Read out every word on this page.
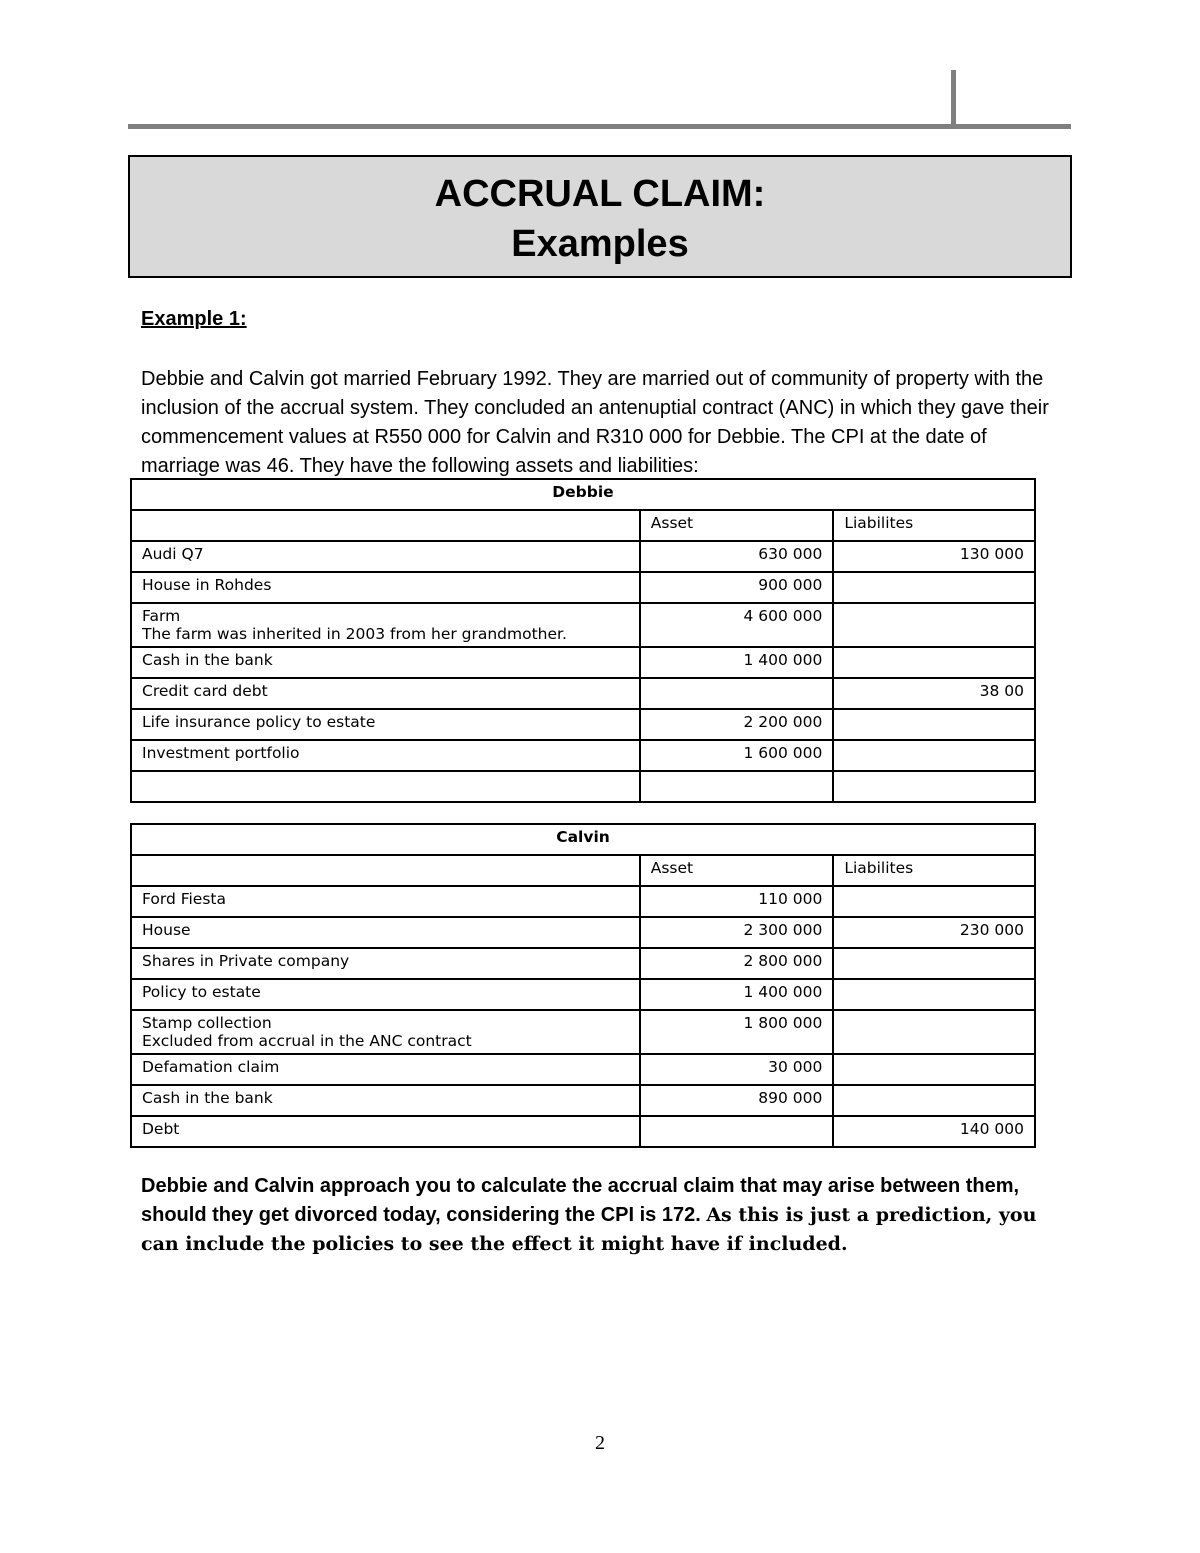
ACCRUAL CLAIM:
Examples
Example 1:
Debbie and Calvin got married February 1992. They are married out of community of property with the inclusion of the accrual system. They concluded an antenuptial contract (ANC) in which they gave their commencement values at R550 000 for Calvin and R310 000 for Debbie. The CPI at the date of marriage was 46. They have the following assets and liabilities:
Debbie		
	Asset	Liabilites

Audi Q7	630 000	130 000

House in Rohdes	900 000	

Farm
The farm was inherited in 2003 from her grandmother.	4 600 000	

Cash in the bank	1 400 000	

Credit card debt		38 00

Life insurance policy to estate	2 200 000	

Investment portfolio	1 600 000	

Calvin		
	Asset	Liabilites

Ford Fiesta	110 000	

House	2 300 000	230 000

Shares in Private company	2 800 000	

Policy to estate	1 400 000	

Stamp collection
Excluded from accrual in the ANC contract	1 800 000	

Defamation claim	30 000	

Cash in the bank	890 000	

Debt		140 000
Debbie and Calvin approach you to calculate the accrual claim that may arise between them, should they get divorced today, considering the CPI is 172. As this is just a prediction, you can include the policies to see the effect it might have if included.
2
